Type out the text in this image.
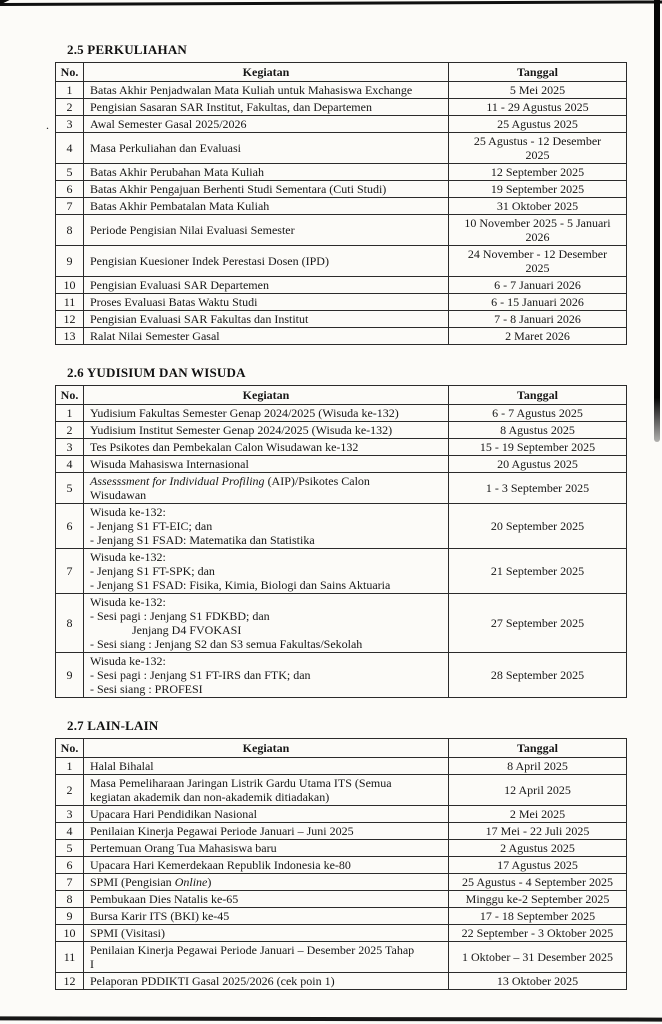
.
2.5 PERKULIAHAN
No.	Kegiatan	Tanggal
1	Batas Akhir Penjadwalan Mata Kuliah untuk Mahasiswa Exchange	5 Mei 2025

2	Pengisian Sasaran SAR Institut, Fakultas, dan Departemen	11 - 29 Agustus 2025

3	Awal Semester Gasal 2025/2026	25 Agustus 2025

4	Masa Perkuliahan dan Evaluasi	25 Agustus - 12 Desember
2025

5	Batas Akhir Perubahan Mata Kuliah	12 September 2025

6	Batas Akhir Pengajuan Berhenti Studi Sementara (Cuti Studi)	19 September 2025

7	Batas Akhir Pembatalan Mata Kuliah	31 Oktober 2025

8	Periode Pengisian Nilai Evaluasi Semester	10 November 2025 - 5 Januari
2026

9	Pengisian Kuesioner Indek Perestasi Dosen (IPD)	24 November - 12 Desember
2025

10	Pengisian Evaluasi SAR Departemen	6 - 7 Januari 2026

11	Proses Evaluasi Batas Waktu Studi	6 - 15 Januari 2026

12	Pengisian Evaluasi SAR Fakultas dan Institut	7 - 8 Januari 2026

13	Ralat Nilai Semester Gasal	2 Maret 2026
2.6 YUDISIUM DAN WISUDA
No.	Kegiatan	Tanggal
1	Yudisium Fakultas Semester Genap 2024/2025 (Wisuda ke-132)	6 - 7 Agustus 2025

2	Yudisium Institut Semester Genap 2024/2025 (Wisuda ke-132)	8 Agustus 2025

3	Tes Psikotes dan Pembekalan Calon Wisudawan ke-132	15 - 19 September 2025

4	Wisuda Mahasiswa Internasional	20 Agustus 2025

5	Assesssment for Individual Profiling (AIP)/Psikotes Calon
Wisudawan	1 - 3 September 2025

6	Wisuda ke-132:
- Jenjang S1 FT-EIC; dan
- Jenjang S1 FSAD: Matematika dan Statistika	20 September 2025

7	Wisuda ke-132:
- Jenjang S1 FT-SPK; dan
- Jenjang S1 FSAD: Fisika, Kimia, Biologi dan Sains Aktuaria	21 September 2025

8	Wisuda ke-132:
- Sesi pagi : Jenjang S1 FDKBD; dan
Jenjang D4 FVOKASI
- Sesi siang : Jenjang S2 dan S3 semua Fakultas/Sekolah	27 September 2025

9	Wisuda ke-132:
- Sesi pagi : Jenjang S1 FT-IRS dan FTK; dan
- Sesi siang : PROFESI	28 September 2025
2.7 LAIN-LAIN
No.	Kegiatan	Tanggal
1	Halal Bihalal	8 April 2025

2	Masa Pemeliharaan Jaringan Listrik Gardu Utama ITS (Semua
kegiatan akademik dan non-akademik ditiadakan)	12 April 2025

3	Upacara Hari Pendidikan Nasional	2 Mei 2025

4	Penilaian Kinerja Pegawai Periode Januari – Juni 2025	17 Mei - 22 Juli 2025

5	Pertemuan Orang Tua Mahasiswa baru	2 Agustus 2025

6	Upacara Hari Kemerdekaan Republik Indonesia ke-80	17 Agustus 2025

7	SPMI (Pengisian Online)	25 Agustus - 4 September 2025

8	Pembukaan Dies Natalis ke-65	Minggu ke-2 September 2025

9	Bursa Karir ITS (BKI) ke-45	17 - 18 September 2025

10	SPMI (Visitasi)	22 September - 3 Oktober 2025

11	Penilaian Kinerja Pegawai Periode Januari – Desember 2025 Tahap
I	1 Oktober – 31 Desember 2025

12	Pelaporan PDDIKTI Gasal 2025/2026 (cek poin 1)	13 Oktober 2025
